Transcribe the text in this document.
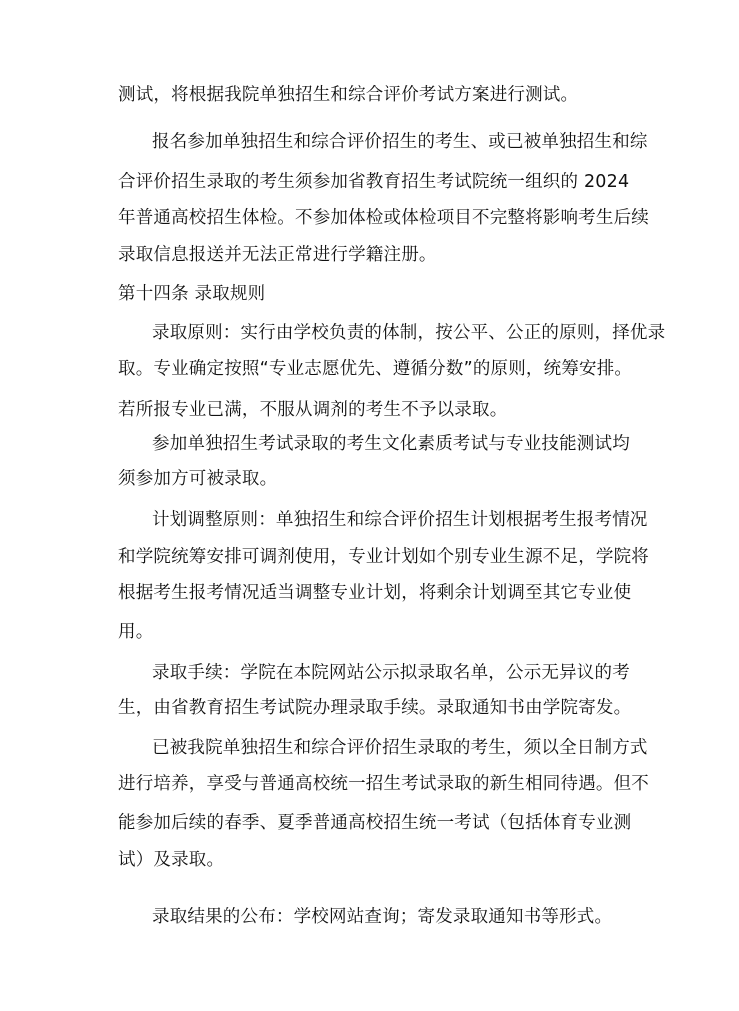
测试，将根据我院单独招生和综合评价考试方案进行测试。
报名参加单独招生和综合评价招生的考生、或已被单独招生和综
合评价招生录取的考生须参加省教育招生考试院统一组织的 2024
年普通高校招生体检。不参加体检或体检项目不完整将影响考生后续
录取信息报送并无法正常进行学籍注册。
第十四条 录取规则
录取原则：实行由学校负责的体制，按公平、公正的原则，择优录
取。专业确定按照“专业志愿优先、遵循分数”的原则，统筹安排。
若所报专业已满，不服从调剂的考生不予以录取。
参加单独招生考试录取的考生文化素质考试与专业技能测试均
须参加方可被录取。
计划调整原则：单独招生和综合评价招生计划根据考生报考情况
和学院统筹安排可调剂使用，专业计划如个别专业生源不足，学院将
根据考生报考情况适当调整专业计划，将剩余计划调至其它专业使
用。
录取手续：学院在本院网站公示拟录取名单，公示无异议的考
生，由省教育招生考试院办理录取手续。录取通知书由学院寄发。
已被我院单独招生和综合评价招生录取的考生，须以全日制方式
进行培养，享受与普通高校统一招生考试录取的新生相同待遇。但不
能参加后续的春季、夏季普通高校招生统一考试（包括体育专业测
试）及录取。
录取结果的公布：学校网站查询；寄发录取通知书等形式。
